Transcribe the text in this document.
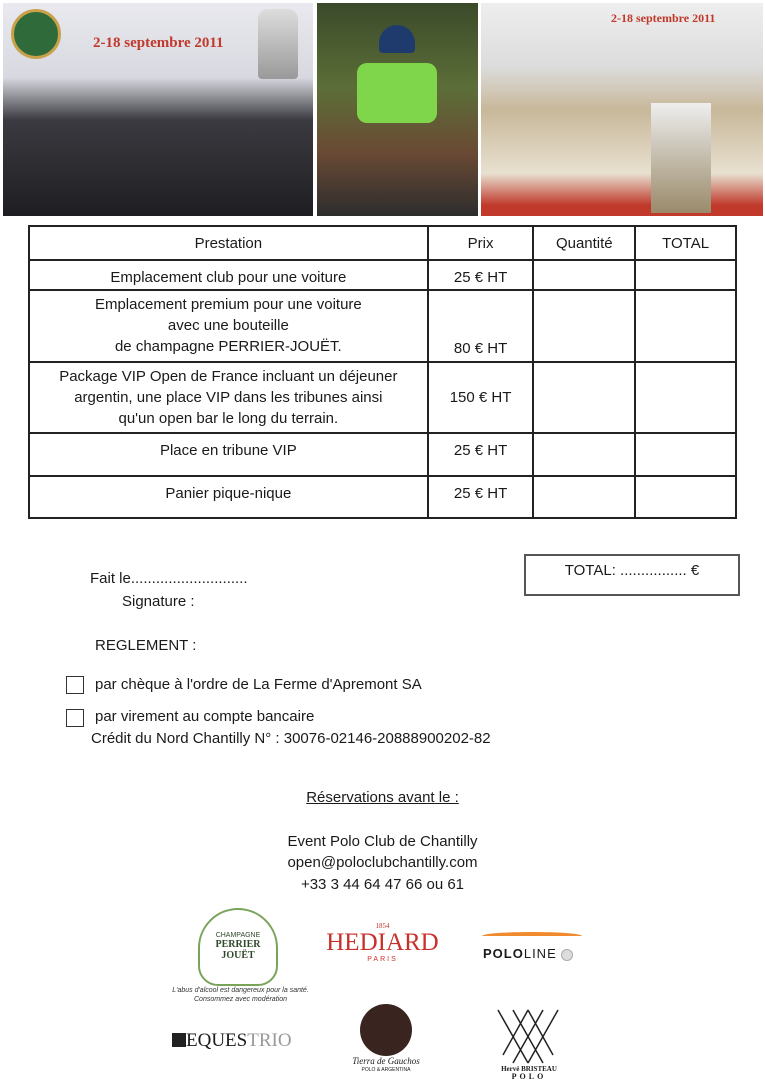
2-18 septembre 2011
2-18 septembre 2011
Prestation	Prix	Quantité	TOTAL

Emplacement club pour une voiture	25 € HT		

Emplacement premium pour une voiture
avec une bouteille
de champagne PERRIER-JOUËT.	80 € HT		

Package VIP Open de France incluant un déjeuner
argentin, une place VIP dans les tribunes ainsi
qu'un open bar le long du terrain.	150 € HT		

Place en tribune VIP	25 € HT		

Panier pique-nique	25 € HT		
TOTAL: ................ €
Fait le............................
Signature :
REGLEMENT :
par chèque à l'ordre de La Ferme d'Apremont SA
par virement au compte bancaire
Crédit du Nord Chantilly N° : 30076-02146-20888900202-82
Réservations avant le :
Event Polo Club de Chantilly
open@poloclubchantilly.com
+33 3 44 64 47 66 ou 61
CHAMPAGNE
PERRIER JOUËT
L'abus d'alcool est dangereux pour la santé.
Consommez avec modération
1854
HEDIARD
PARIS	POLOLINE
EQUESTRIO
Tierra de Gauchos
POLO & ARGENTINA	Hervé BRISTEAU
POLO
